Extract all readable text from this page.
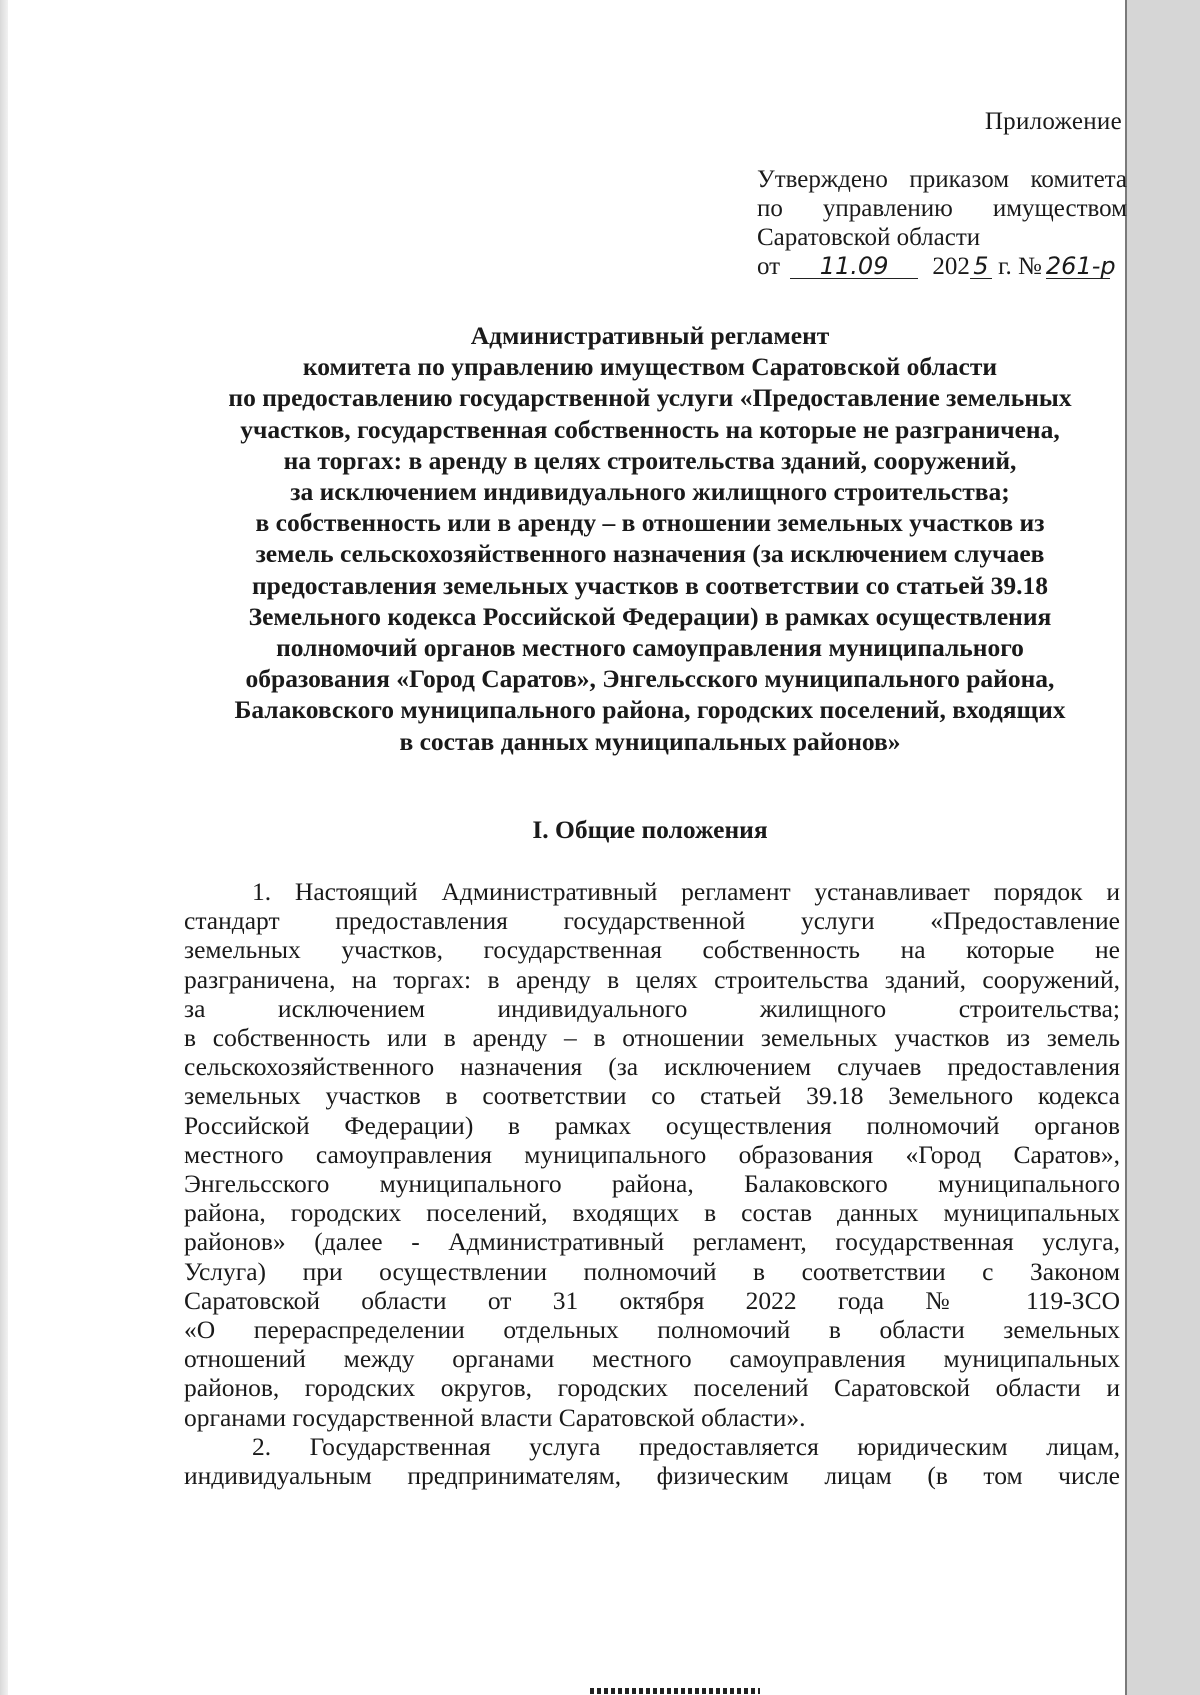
Приложение
Утверждено приказом комитета
по управлению имуществом
Саратовской области
от 11.09 202 5 г. № 261-р
Административный регламент
комитета по управлению имуществом Саратовской области
по предоставлению государственной услуги «Предоставление земельных
участков, государственная собственность на которые не разграничена,
на торгах: в аренду в целях строительства зданий, сооружений,
за исключением индивидуального жилищного строительства;
в собственность или в аренду – в отношении земельных участков из
земель сельскохозяйственного назначения (за исключением случаев
предоставления земельных участков в соответствии со статьей 39.18
Земельного кодекса Российской Федерации) в рамках осуществления
полномочий органов местного самоуправления муниципального
образования «Город Саратов», Энгельсского муниципального района,
Балаковского муниципального района, городских поселений, входящих
в состав данных муниципальных районов»
I. Общие положения
1. Настоящий Административный регламент устанавливает порядок и
стандарт предоставления государственной услуги «Предоставление
земельных участков, государственная собственность на которые не
разграничена, на торгах: в аренду в целях строительства зданий, сооружений,
за исключением индивидуального жилищного строительства;
в собственность или в аренду – в отношении земельных участков из земель
сельскохозяйственного назначения (за исключением случаев предоставления
земельных участков в соответствии со статьей 39.18 Земельного кодекса
Российской Федерации) в рамках осуществления полномочий органов
местного самоуправления муниципального образования «Город Саратов»,
Энгельсского муниципального района, Балаковского муниципального
района, городских поселений, входящих в состав данных муниципальных
районов» (далее - Административный регламент, государственная услуга,
Услуга) при осуществлении полномочий в соответствии с Законом
Саратовской области от 31 октября 2022 года № 119-ЗСО
«О перераспределении отдельных полномочий в области земельных
отношений между органами местного самоуправления муниципальных
районов, городских округов, городских поселений Саратовской области и
органами государственной власти Саратовской области».
2. Государственная услуга предоставляется юридическим лицам,
индивидуальным предпринимателям, физическим лицам (в том числе
